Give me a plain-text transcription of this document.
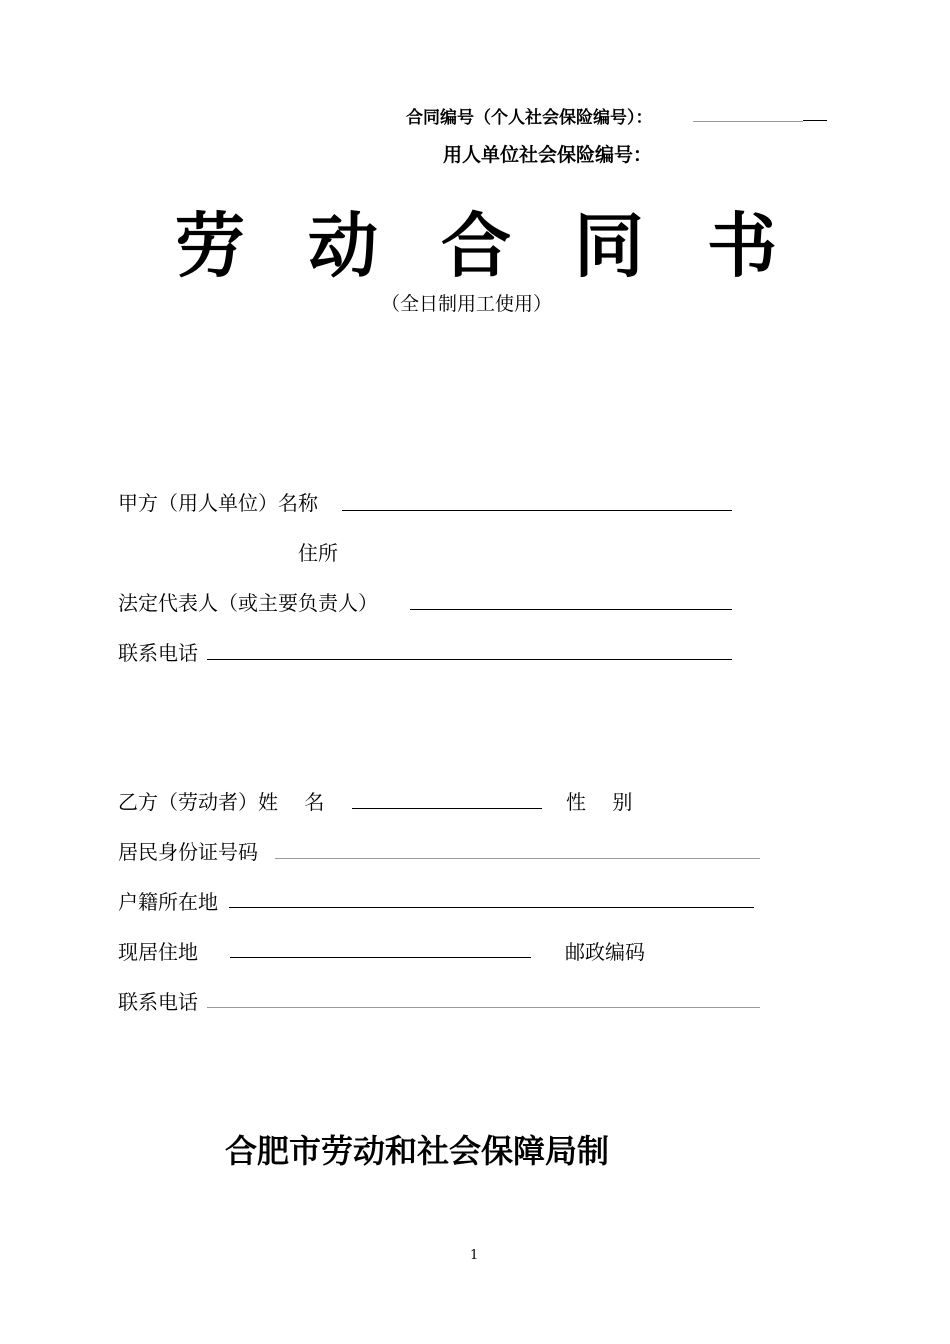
合同编号（个人社会保险编号）：
用人单位社会保险编号：
劳 动 合 同 书
（全日制用工使用）
甲方（用人单位）名称
住所
法定代表人（或主要负责人）
联系电话
乙方（劳动者）姓　 名	性　 别
居民身份证号码
户籍所在地
现居住地	邮政编码
联系电话
合肥市劳动和社会保障局制
1
